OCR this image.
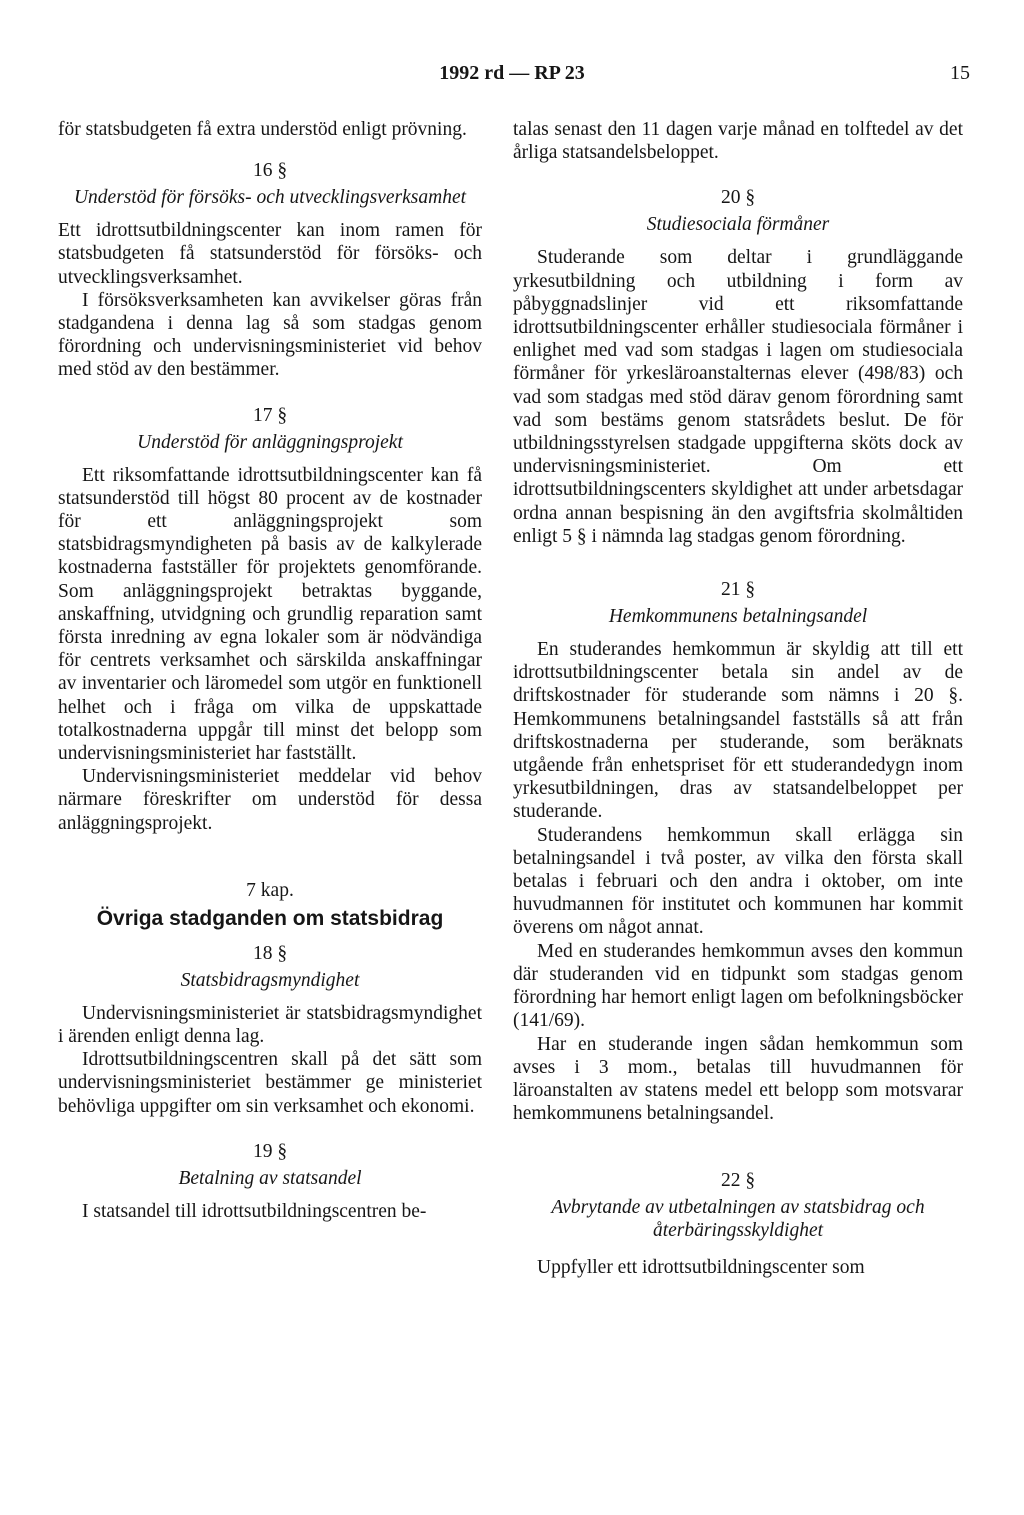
1992 rd — RP 23	15

för statsbudgeten få extra understöd enligt prövning.

16 §
Understöd för försöks- och utvecklingsverksamhet

Ett idrottsutbildningscenter kan inom ramen för statsbudgeten få statsunderstöd för försöks- och utvecklingsverksamhet.

I försöksverksamheten kan avvikelser göras från stadgandena i denna lag så som stadgas genom förordning och undervisningsministeriet vid behov med stöd av den bestämmer.

17 §
Understöd för anläggningsprojekt

Ett riksomfattande idrottsutbildningscenter kan få statsunderstöd till högst 80 procent av de kostnader för ett anläggningsprojekt som statsbidragsmyndigheten på basis av de kalkylerade kostnaderna fastställer för projektets genomförande. Som anläggningsprojekt betraktas byggande, anskaffning, utvidgning och grundlig reparation samt första inredning av egna lokaler som är nödvändiga för centrets verksamhet och särskilda anskaffningar av inventarier och läromedel som utgör en funktionell helhet och i fråga om vilka de uppskattade totalkostnaderna uppgår till minst det belopp som undervisningsministeriet har fastställt.

Undervisningsministeriet meddelar vid behov närmare föreskrifter om understöd för dessa anläggningsprojekt.

7 kap.
Övriga stadganden om statsbidrag
18 §
Statsbidragsmyndighet

Undervisningsministeriet är statsbidragsmyndighet i ärenden enligt denna lag.

Idrottsutbildningscentren skall på det sätt som undervisningsministeriet bestämmer ge ministeriet behövliga uppgifter om sin verksamhet och ekonomi.

19 §
Betalning av statsandel

I statsandel till idrottsutbildningscentren be-

talas senast den 11 dagen varje månad en tolftedel av det årliga statsandelsbeloppet.

20 §
Studiesociala förmåner

Studerande som deltar i grundläggande yrkesutbildning och utbildning i form av påbyggnadslinjer vid ett riksomfattande idrottsutbildningscenter erhåller studiesociala förmåner i enlighet med vad som stadgas i lagen om studiesociala förmåner för yrkesläroanstalternas elever (498/83) och vad som stadgas med stöd därav genom förordning samt vad som bestäms genom statsrådets beslut. De för utbildningsstyrelsen stadgade uppgifterna sköts dock av undervisningsministeriet. Om ett idrottsutbildningscenters skyldighet att under arbetsdagar ordna annan bespisning än den avgiftsfria skolmåltiden enligt 5 § i nämnda lag stadgas genom förordning.

21 §
Hemkommunens betalningsandel

En studerandes hemkommun är skyldig att till ett idrottsutbildningscenter betala sin andel av de driftskostnader för studerande som nämns i 20 §. Hemkommunens betalningsandel fastställs så att från driftskostnaderna per studerande, som beräknats utgående från enhetspriset för ett studerandedygn inom yrkesutbildningen, dras av statsandelbeloppet per studerande.

Studerandens hemkommun skall erlägga sin betalningsandel i två poster, av vilka den första skall betalas i februari och den andra i oktober, om inte huvudmannen för institutet och kommunen har kommit överens om något annat.

Med en studerandes hemkommun avses den kommun där studeranden vid en tidpunkt som stadgas genom förordning har hemort enligt lagen om befolkningsböcker (141/69).

Har en studerande ingen sådan hemkommun som avses i 3 mom., betalas till huvudmannen för läroanstalten av statens medel ett belopp som motsvarar hemkommunens betalningsandel.

22 §
Avbrytande av utbetalningen av statsbidrag och återbäringsskyldighet

Uppfyller ett idrottsutbildningscenter som
